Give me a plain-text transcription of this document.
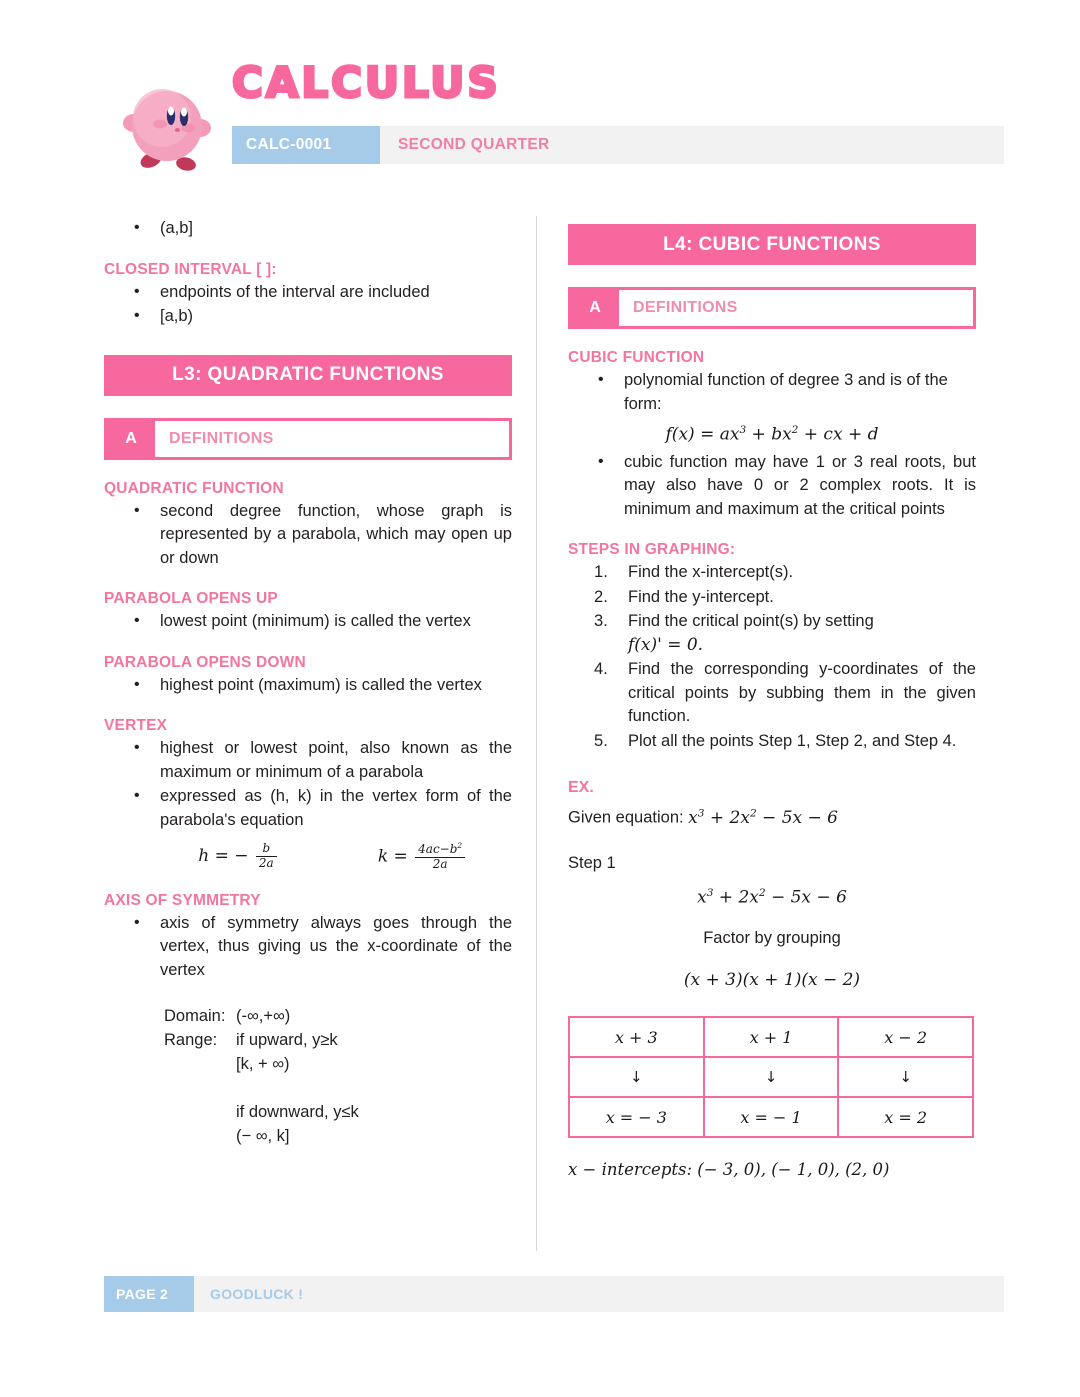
CALCULUS
CALC-0001	SECOND QUARTER
• (a,b]
CLOSED INTERVAL [ ]:
• endpoints of the interval are included
• [a,b)
L3: QUADRATIC FUNCTIONS
A	DEFINITIONS
QUADRATIC FUNCTION
• second degree function, whose graph is represented by a parabola, which may open up or down
PARABOLA OPENS UP
• lowest point (minimum) is called the vertex
PARABOLA OPENS DOWN
• highest point (maximum) is called the vertex
VERTEX
• highest or lowest point, also known as the maximum or minimum of a parabola
• expressed as (h, k) in the vertex form of the parabola's equation
h = − $\frac{b}{2a}$	$k = \frac{4ac-b^2}{2a}$
AXIS OF SYMMETRY
• axis of symmetry always goes through the vertex, thus giving us the x-coordinate of the vertex
Domain: (-∞,+∞)
Range:	if upward, y≥k
[k, + ∞)
if downward, y≤k
(− ∞, k]
L4: CUBIC FUNCTIONS
A	DEFINITIONS
CUBIC FUNCTION
• polynomial function of degree 3 and is of the form:
$f(x) = ax^3 + bx^2$ + cx + d
• cubic function may have 1 or 3 real roots, but may also have 0 or 2 complex roots. It is minimum and maximum at the critical points
STEPS IN GRAPHING:
Find the x-intercept(s).
Find the y-intercept.
Find the critical point(s) by setting
f(x)' = 0.
Find the corresponding y-coordinates of the critical points by subbing them in the given function.
Plot all the points Step 1, Step 2, and Step 4.
EX.
Given equation: $x^3 + 2x^2 - 5x - 6$
Step 1
$x^3 + 2x^2 - 5x - 6$
Factor by grouping
(x + 3)(x + 1)(x − 2)
x + 3	x + 1	x − 2
↓	↓	↓
x = − 3	x = − 1	x = 2
x − intercepts: (− 3, 0), (− 1, 0), (2, 0)
PAGE 2	GOODLUCK !
